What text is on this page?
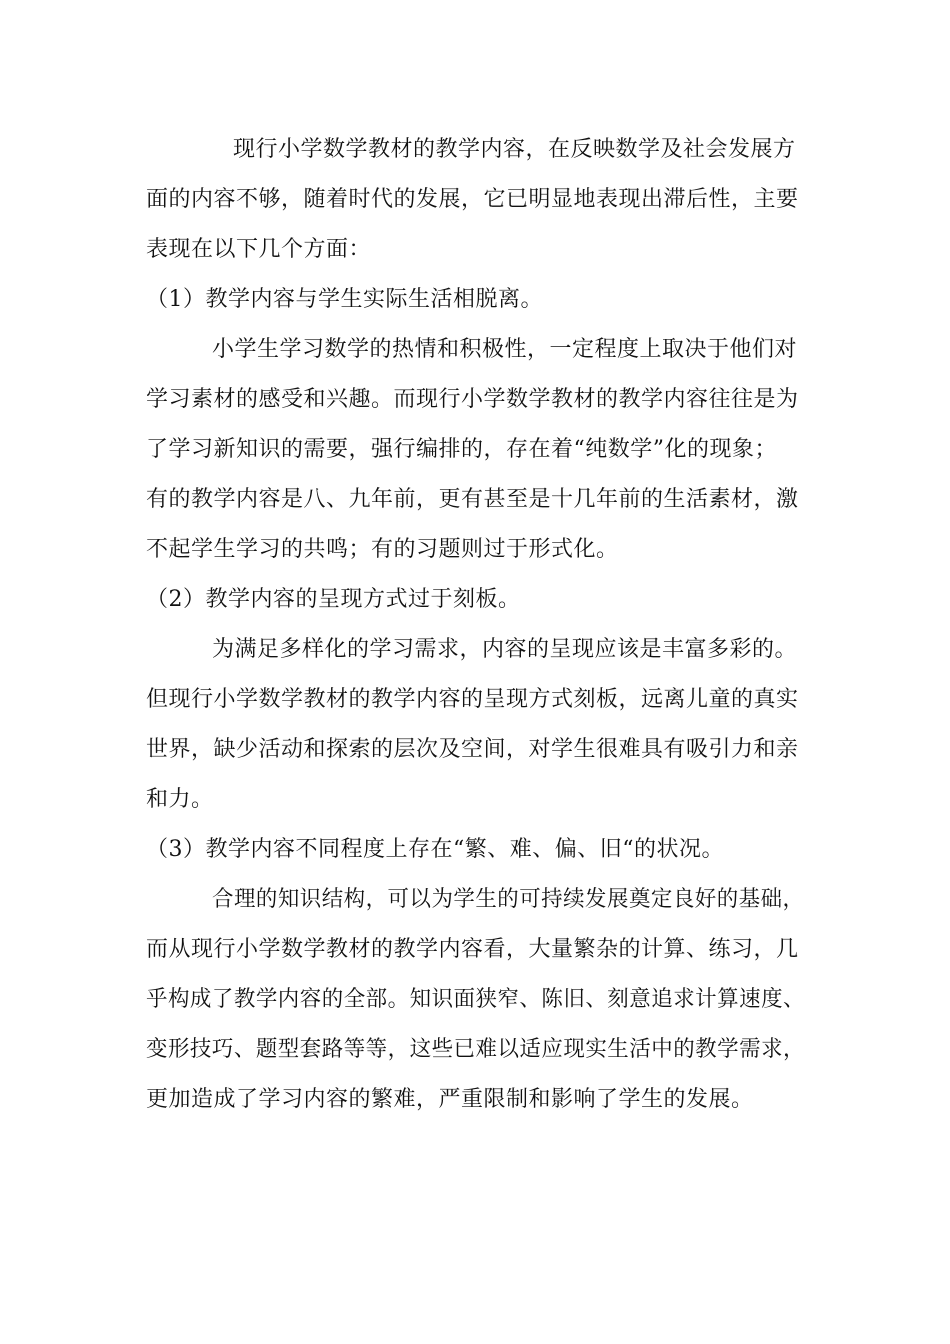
现行小学数学教材的教学内容，在反映数学及社会发展方
面的内容不够，随着时代的发展，它已明显地表现出滞后性，主要
表现在以下几个方面：
（1）教学内容与学生实际生活相脱离。
小学生学习数学的热情和积极性，一定程度上取决于他们对
学习素材的感受和兴趣。而现行小学数学教材的教学内容往往是为
了学习新知识的需要，强行编排的，存在着“纯数学”化的现象；
有的教学内容是八、九年前，更有甚至是十几年前的生活素材，激
不起学生学习的共鸣；有的习题则过于形式化。
（2）教学内容的呈现方式过于刻板。
为满足多样化的学习需求，内容的呈现应该是丰富多彩的。
但现行小学数学教材的教学内容的呈现方式刻板，远离儿童的真实
世界，缺少活动和探索的层次及空间，对学生很难具有吸引力和亲
和力。
（3）教学内容不同程度上存在“繁、难、偏、旧“的状况。
合理的知识结构，可以为学生的可持续发展奠定良好的基础，
而从现行小学数学教材的教学内容看，大量繁杂的计算、练习，几
乎构成了教学内容的全部。知识面狭窄、陈旧、刻意追求计算速度、
变形技巧、题型套路等等，这些已难以适应现实生活中的教学需求，
更加造成了学习内容的繁难，严重限制和影响了学生的发展。
